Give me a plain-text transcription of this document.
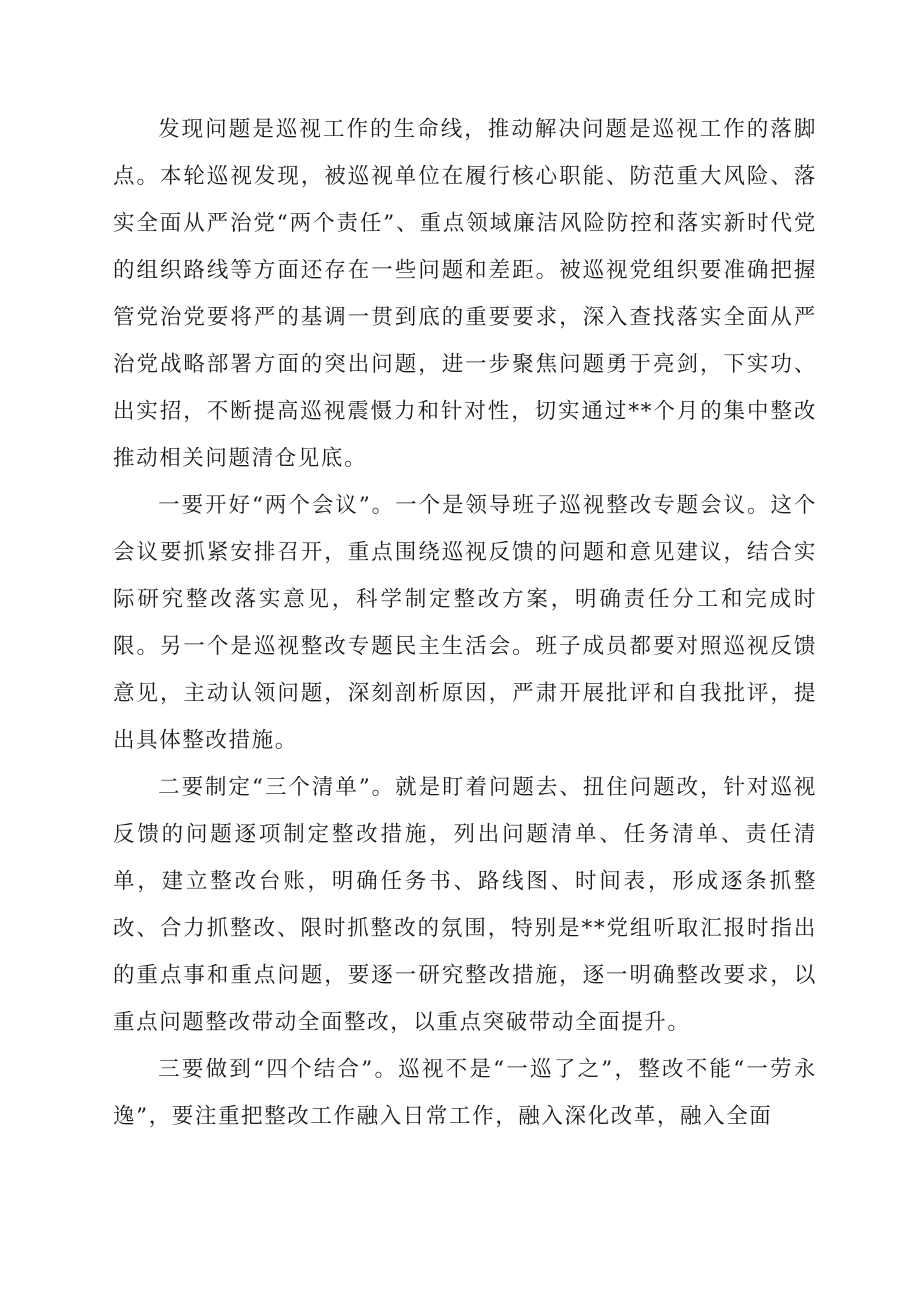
发现问题是巡视工作的生命线，推动解决问题是巡视工作的落脚点。本轮巡视发现，被巡视单位在履行核心职能、防范重大风险、落实全面从严治党“两个责任”、重点领域廉洁风险防控和落实新时代党的组织路线等方面还存在一些问题和差距。被巡视党组织要准确把握管党治党要将严的基调一贯到底的重要要求，深入查找落实全面从严治党战略部署方面的突出问题，进一步聚焦问题勇于亮剑，下实功、出实招，不断提高巡视震慑力和针对性，切实通过**个月的集中整改推动相关问题清仓见底。

一要开好“两个会议”。一个是领导班子巡视整改专题会议。这个会议要抓紧安排召开，重点围绕巡视反馈的问题和意见建议，结合实际研究整改落实意见，科学制定整改方案，明确责任分工和完成时限。另一个是巡视整改专题民主生活会。班子成员都要对照巡视反馈意见，主动认领问题，深刻剖析原因，严肃开展批评和自我批评，提出具体整改措施。

二要制定“三个清单”。就是盯着问题去、扭住问题改，针对巡视反馈的问题逐项制定整改措施，列出问题清单、任务清单、责任清单，建立整改台账，明确任务书、路线图、时间表，形成逐条抓整改、合力抓整改、限时抓整改的氛围，特别是**党组听取汇报时指出的重点事和重点问题，要逐一研究整改措施，逐一明确整改要求，以重点问题整改带动全面整改，以重点突破带动全面提升。

三要做到“四个结合”。巡视不是“一巡了之”，整改不能“一劳永逸”，要注重把整改工作融入日常工作，融入深化改革，融入全面
